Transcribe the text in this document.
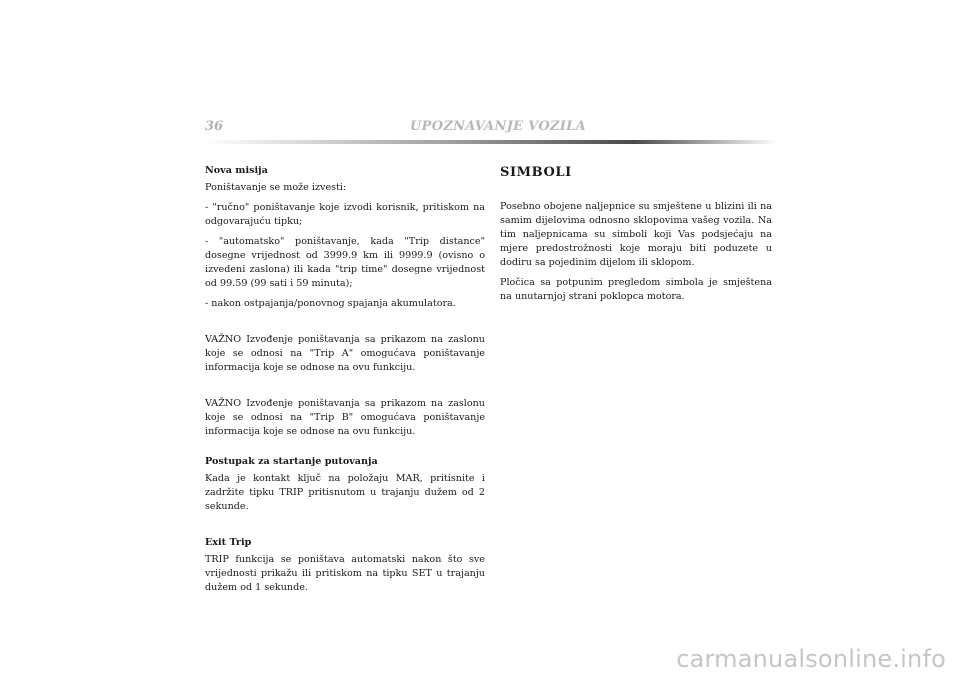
36	UPOZNAVANJE VOZILA

Nova misija

Poništavanje se može izvesti:

- "ručno" poništavanje koje izvodi korisnik, pritiskom na odgovarajuću tipku;

- "automatsko" poništavanje, kada "Trip distance" dosegne vrijednost od 3999.9 km ili 9999.9 (ovisno o izvedeni zaslona) ili kada "trip time" dosegne vrijednost od 99.59 (99 sati i 59 minuta);

- nakon ostpajanja/ponovnog spajanja akumulatora.

VAŽNO Izvođenje poništavanja sa prikazom na zaslonu koje se odnosi na "Trip A" omogućava poništavanje informacija koje se odnose na ovu funkciju.

VAŽNO Izvođenje poništavanja sa prikazom na zaslonu koje se odnosi na "Trip B" omogućava poništavanje informacija koje se odnose na ovu funkciju.

Postupak za startanje putovanja

Kada je kontakt ključ na položaju MAR, pritisnite i zadržite tipku TRIP pritisnutom u trajanju dužem od 2 sekunde.

Exit Trip

TRIP funkcija se poništava automatski nakon što sve vrijednosti prikažu ili pritiskom na tipku SET u trajanju dužem od 1 sekunde.

SIMBOLI

Posebno obojene naljepnice su smještene u blizini ili na samim dijelovima odnosno sklopovima vašeg vozila. Na tim naljepnicama su simboli koji Vas podsjećaju na mjere predostrožnosti koje moraju biti poduzete u dodiru sa pojedinim dijelom ili sklopom.

Pločica sa potpunim pregledom simbola je smještena na unutarnjoj strani poklopca motora.

carmanualsonline.info
